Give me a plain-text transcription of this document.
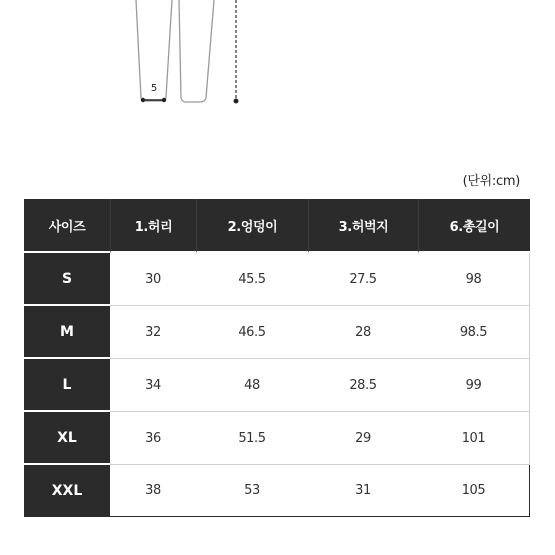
5
(단위:cm)
사이즈	1.허리	2.엉덩이	3.허벅지	6.총길이
S	30	45.5	27.5	98
M	32	46.5	28	98.5
L	34	48	28.5	99
XL	36	51.5	29	101
XXL	38	53	31	105
